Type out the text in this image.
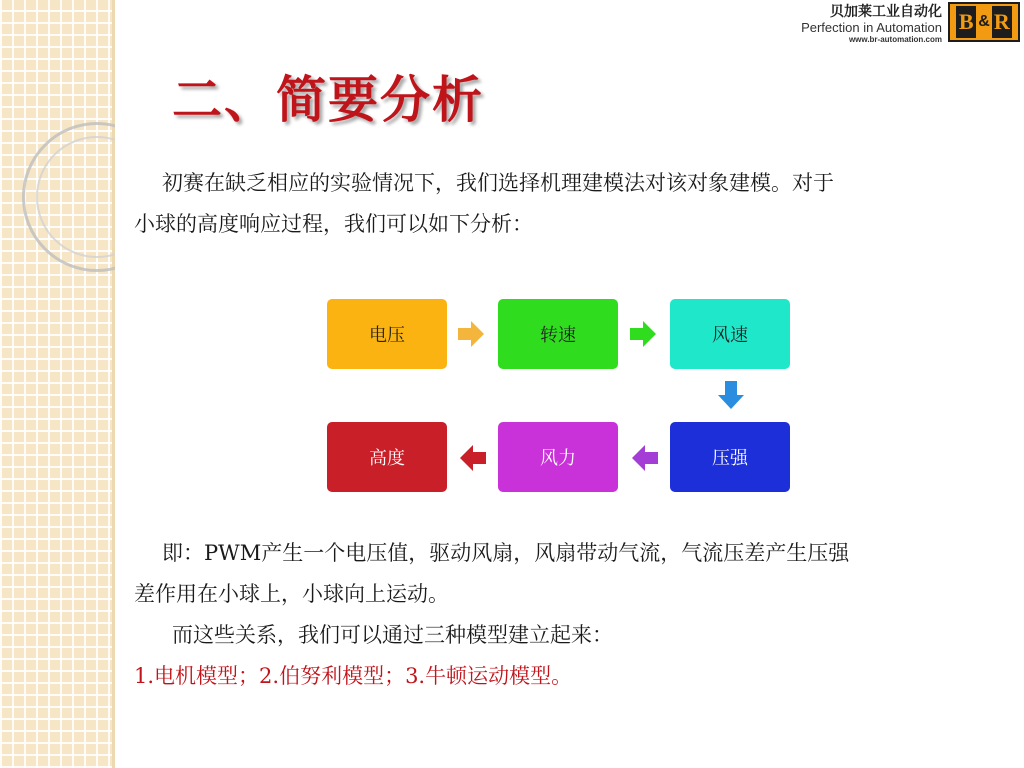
贝加莱工业自动化
Perfection in Automation
www.br-automation.com
B & R
二、简要分析
初赛在缺乏相应的实验情况下，我们选择机理建模法对该对象建模。对于
小球的高度响应过程，我们可以如下分析：
电压	转速	风速
压强
风力
高度
即：PWM产生一个电压值，驱动风扇，风扇带动气流，气流压差产生压强
差作用在小球上，小球向上运动。
而这些关系，我们可以通过三种模型建立起来：
1.电机模型；2.伯努利模型；3.牛顿运动模型。
